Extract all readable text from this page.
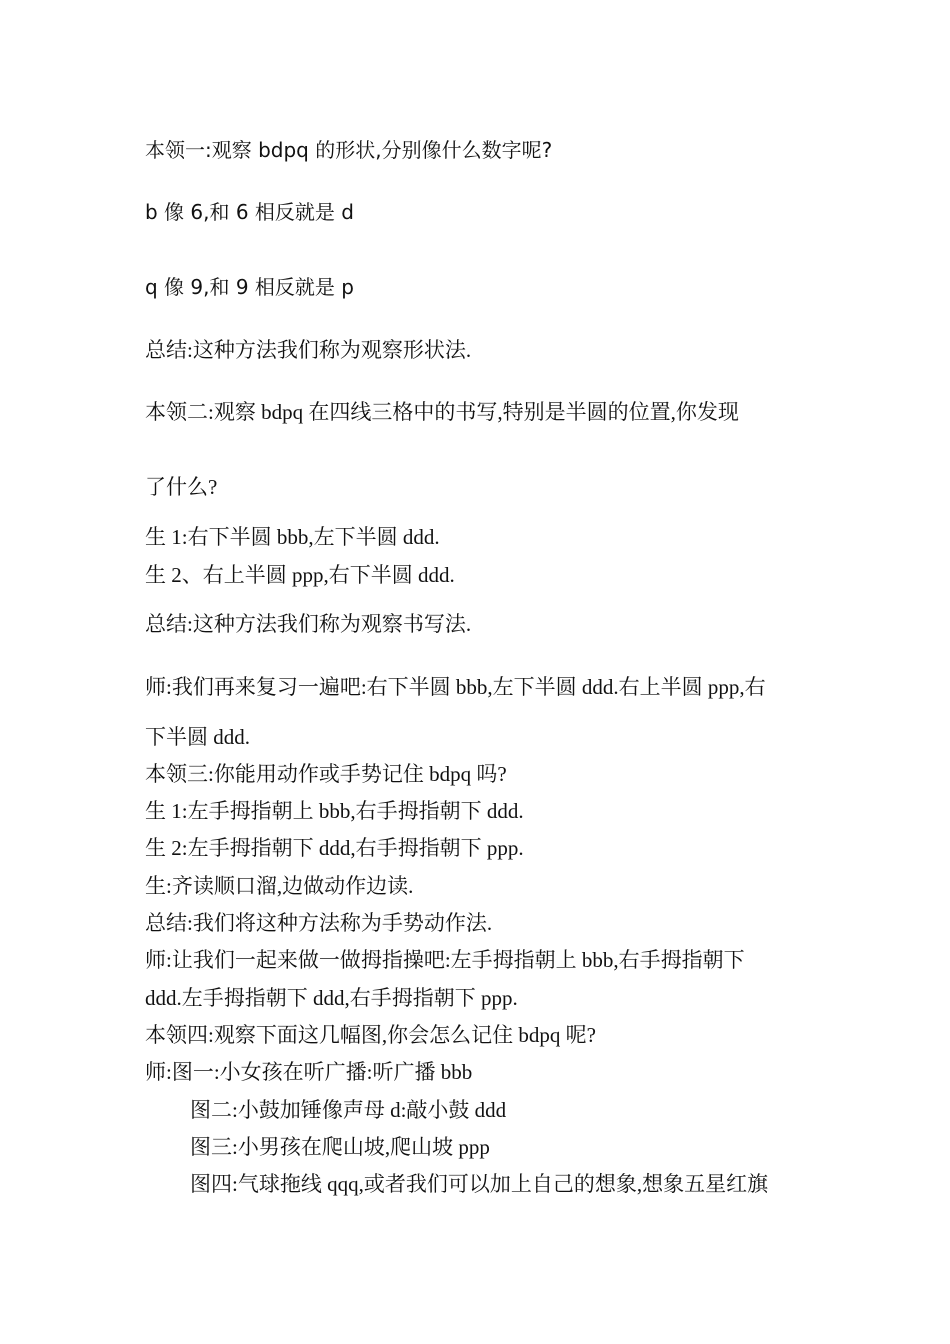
本领一:观察 bdpq 的形状,分别像什么数字呢?
b 像 6,和 6 相反就是 d
q 像 9,和 9 相反就是 p
总结:这种方法我们称为观察形状法.
本领二:观察 bdpq 在四线三格中的书写,特别是半圆的位置,你发现
了什么?
生 1:右下半圆 bbb,左下半圆 ddd.
生 2、右上半圆 ppp,右下半圆 ddd.
总结:这种方法我们称为观察书写法.
师:我们再来复习一遍吧:右下半圆 bbb,左下半圆 ddd.右上半圆 ppp,右
下半圆 ddd.
本领三:你能用动作或手势记住 bdpq 吗?
生 1:左手拇指朝上 bbb,右手拇指朝下 ddd.
生 2:左手拇指朝下 ddd,右手拇指朝下 ppp.
生:齐读顺口溜,边做动作边读.
总结:我们将这种方法称为手势动作法.
师:让我们一起来做一做拇指操吧:左手拇指朝上 bbb,右手拇指朝下
ddd.左手拇指朝下 ddd,右手拇指朝下 ppp.
本领四:观察下面这几幅图,你会怎么记住 bdpq 呢?
师:图一:小女孩在听广播:听广播 bbb
图二:小鼓加锤像声母 d:敲小鼓 ddd
图三:小男孩在爬山坡,爬山坡 ppp
图四:气球拖线 qqq,或者我们可以加上自己的想象,想象五星红旗
